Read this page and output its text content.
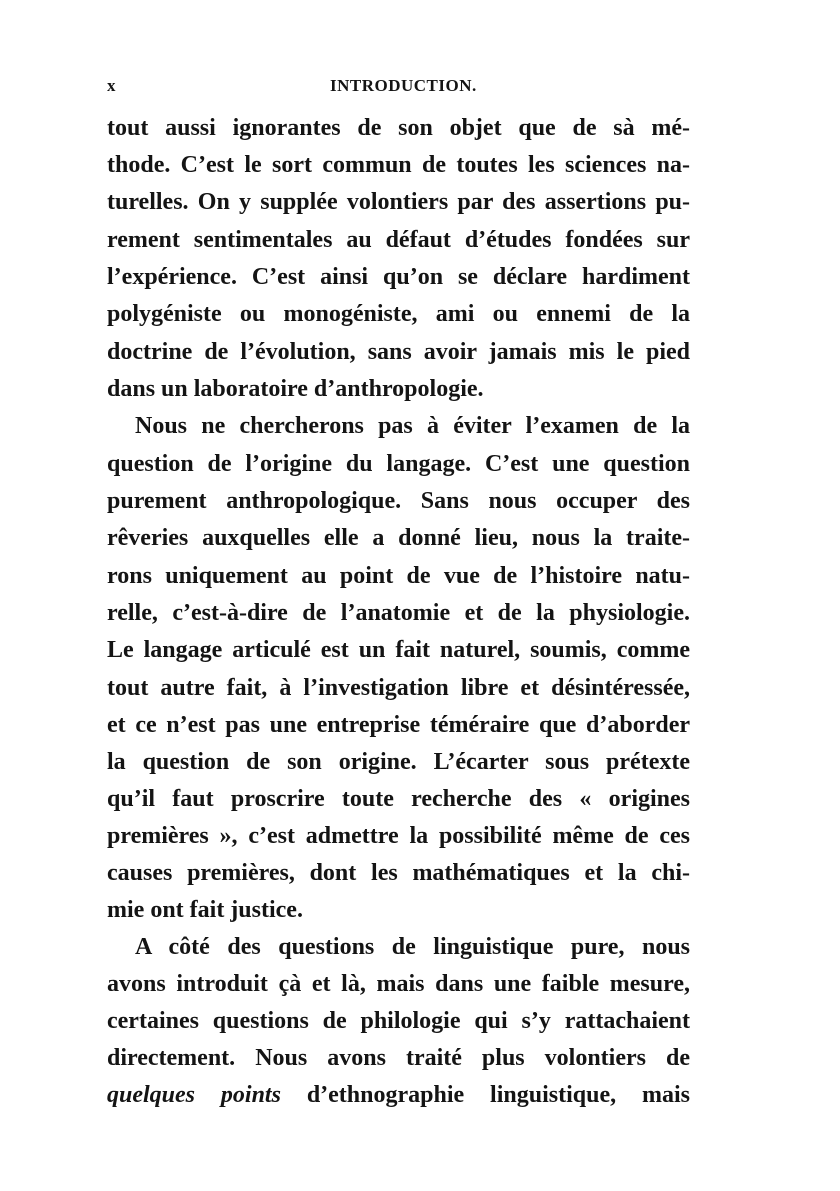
x	INTRODUCTION.
tout aussi ignorantes de son objet que de sà mé-
thode. C’est le sort commun de toutes les sciences na-
turelles. On y supplée volontiers par des assertions pu-
rement sentimentales au défaut d’études fondées sur
l’expérience. C’est ainsi qu’on se déclare hardiment
polygéniste ou monogéniste, ami ou ennemi de la
doctrine de l’évolution, sans avoir jamais mis le pied
dans un laboratoire d’anthropologie.
Nous ne chercherons pas à éviter l’examen de la
question de l’origine du langage. C’est une question
purement anthropologique. Sans nous occuper des
rêveries auxquelles elle a donné lieu, nous la traite-
rons uniquement au point de vue de l’histoire natu-
relle, c’est-à-dire de l’anatomie et de la physiologie.
Le langage articulé est un fait naturel, soumis, comme
tout autre fait, à l’investigation libre et désintéressée,
et ce n’est pas une entreprise téméraire que d’aborder
la question de son origine. L’écarter sous prétexte
qu’il faut proscrire toute recherche des « origines
premières », c’est admettre la possibilité même de ces
causes premières, dont les mathématiques et la chi-
mie ont fait justice.
A côté des questions de linguistique pure, nous
avons introduit çà et là, mais dans une faible mesure,
certaines questions de philologie qui s’y rattachaient
directement. Nous avons traité plus volontiers de
quelques points d’ethnographie linguistique, mais
